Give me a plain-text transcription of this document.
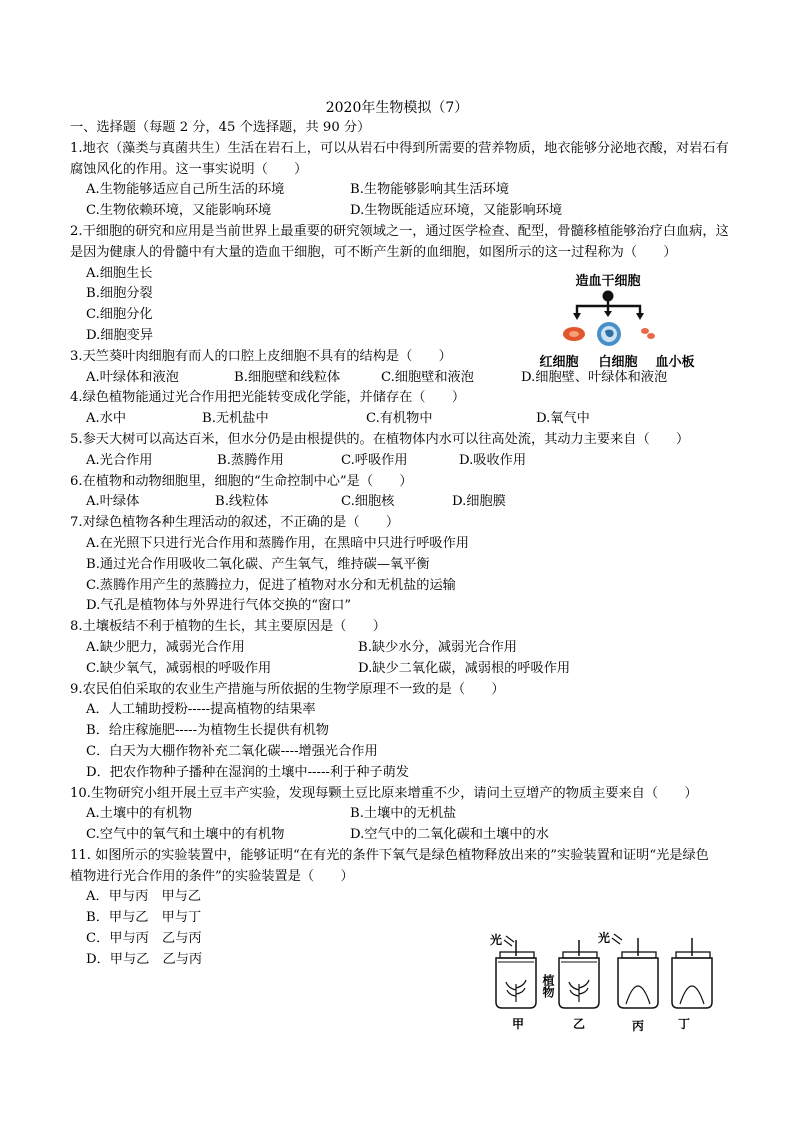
2020年生物模拟（7）
一、选择题（每题 2 分，45 个选择题，共 90 分）
1.地衣（藻类与真菌共生）生活在岩石上，可以从岩石中得到所需要的营养物质，地衣能够分泌地衣酸，对岩石有腐蚀风化的作用。这一事实说明（　　）
A.生物能够适应自己所生活的环境	B.生物能够影响其生活环境
C.生物依赖环境，又能影响环境	D.生物既能适应环境，又能影响环境
2.干细胞的研究和应用是当前世界上最重要的研究领域之一，通过医学检查、配型，骨髓移植能够治疗白血病，这是因为健康人的骨髓中有大量的造血干细胞，可不断产生新的血细胞，如图所示的这一过程称为（　　）
A.细胞生长
B.细胞分裂
C.细胞分化
D.细胞变异
3.天竺葵叶肉细胞有而人的口腔上皮细胞不具有的结构是（　　）
A.叶绿体和液泡	B.细胞壁和线粒体	C.细胞壁和液泡	D.细胞壁、叶绿体和液泡
4.绿色植物能通过光合作用把光能转变成化学能，并储存在（　　）
A.水中	B.无机盐中	C.有机物中	D.氧气中
5.参天大树可以高达百米，但水分仍是由根提供的。在植物体内水可以往高处流，其动力主要来自（　　）
A.光合作用	B.蒸腾作用	C.呼吸作用	D.吸收作用
6.在植物和动物细胞里，细胞的“生命控制中心”是（　　）
A.叶绿体	B.线粒体	C.细胞核	D.细胞膜
7.对绿色植物各种生理活动的叙述，不正确的是（　　）
A.在光照下只进行光合作用和蒸腾作用，在黑暗中只进行呼吸作用
B.通过光合作用吸收二氧化碳、产生氧气，维持碳—氧平衡
C.蒸腾作用产生的蒸腾拉力，促进了植物对水分和无机盐的运输
D.气孔是植物体与外界进行气体交换的“窗口”
8.土壤板结不利于植物的生长，其主要原因是（　　）
A.缺少肥力，减弱光合作用	B.缺少水分，减弱光合作用
C.缺少氧气，减弱根的呼吸作用	D.缺少二氧化碳，减弱根的呼吸作用
9.农民伯伯采取的农业生产措施与所依据的生物学原理不一致的是（　　）
A．人工辅助授粉-----提高植物的结果率
B．给庄稼施肥-----为植物生长提供有机物
C．白天为大棚作物补充二氧化碳----增强光合作用
D．把农作物种子播种在湿润的土壤中-----利于种子萌发
10.生物研究小组开展土豆丰产实验，发现每颗土豆比原来增重不少，请问土豆增产的物质主要来自（　　）
A.土壤中的有机物	B.土壤中的无机盐
C.空气中的氧气和土壤中的有机物	D.空气中的二氧化碳和土壤中的水
11. 如图所示的实验装置中，能够证明“在有光的条件下氧气是绿色植物释放出来的”实验装置和证明“光是绿色植物进行光合作用的条件”的实验装置是（　　）
A．甲与丙　甲与乙
B．甲与乙　甲与丁
C．甲与丙　乙与丙
D．甲与乙　乙与丙
造血干细胞
红细胞 白细胞 血小板
光	光
植物
甲	乙	丙	丁
